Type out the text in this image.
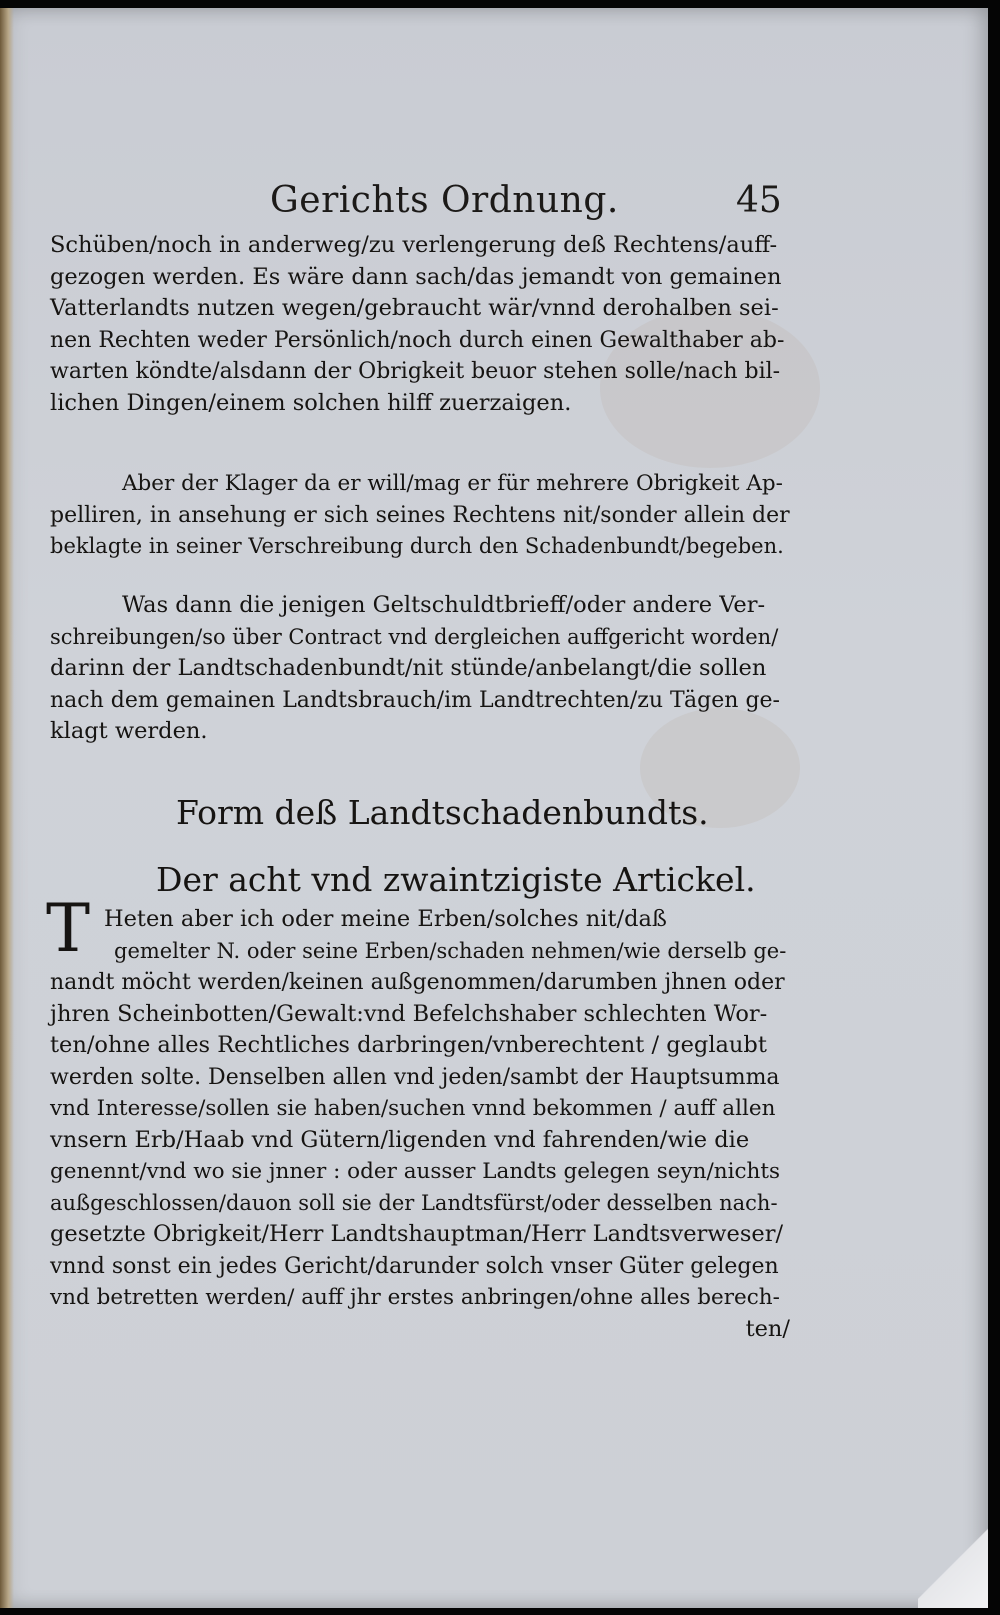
Gerichts Ordnung.	45
Schüben/noch in anderweg/zu verlengerung deß Rechtens/auff-
gezogen werden. Es wäre dann sach/das jemandt von gemainen
Vatterlandts nutzen wegen/gebraucht wär/vnnd derohalben sei-
nen Rechten weder Persönlich/noch durch einen Gewalthaber ab-
warten köndte/alsdann der Obrigkeit beuor stehen solle/nach bil-
lichen Dingen/einem solchen hilff zuerzaigen.
Aber der Klager da er will/mag er für mehrere Obrigkeit Ap-
pelliren, in ansehung er sich seines Rechtens nit/sonder allein der
beklagte in seiner Verschreibung durch den Schadenbundt/begeben.
Was dann die jenigen Geltschuldtbrieff/oder andere Ver-
schreibungen/so über Contract vnd dergleichen auffgericht worden/
darinn der Landtschadenbundt/nit stünde/anbelangt/die sollen
nach dem gemainen Landtsbrauch/im Landtrechten/zu Tägen ge-
klagt werden.
Form deß Landtschadenbundts.
Der acht vnd zwaintzigiste Artickel.
T Heten aber ich oder meine Erben/solches nit/daß
gemelter N. oder seine Erben/schaden nehmen/wie derselb ge-
nandt möcht werden/keinen außgenommen/darumben jhnen oder
jhren Scheinbotten/Gewalt:vnd Befelchshaber schlechten Wor-
ten/ohne alles Rechtliches darbringen/vnberechtent / geglaubt
werden solte. Denselben allen vnd jeden/sambt der Hauptsumma
vnd Interesse/sollen sie haben/suchen vnnd bekommen / auff allen
vnsern Erb/Haab vnd Gütern/ligenden vnd fahrenden/wie die
genennt/vnd wo sie jnner : oder ausser Landts gelegen seyn/nichts
außgeschlossen/dauon soll sie der Landtsfürst/oder desselben nach-
gesetzte Obrigkeit/Herr Landtshauptman/Herr Landtsverweser/
vnnd sonst ein jedes Gericht/darunder solch vnser Güter gelegen
vnd betretten werden/ auff jhr erstes anbringen/ohne alles berech-
ten/
